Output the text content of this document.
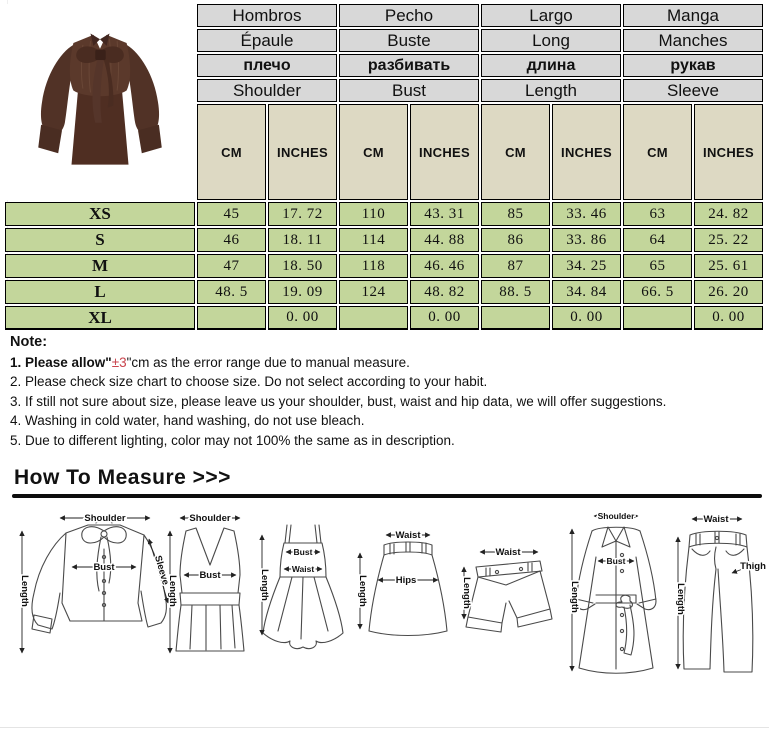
	Hombros		Pecho		Largo		Manga	
	Épaule		Buste		Long		Manches	
	плечо		разбивать		длина		рукав	
	Shoulder		Bust		Length		Sleeve	
	CM	INCHES	CM	INCHES	CM	INCHES	CM	INCHES
XS	45	17. 72	110	43. 31	85	33. 46	63	24. 82
S	46	18. 11	114	44. 88	86	33. 86	64	25. 22
M	47	18. 50	118	46. 46	87	34. 25	65	25. 61
L	48. 5	19. 09	124	48. 82	88. 5	34. 84	66. 5	26. 20
XL		0. 00		0. 00		0. 00		0. 00
Note:
1. Please allow"±3"cm as the error range due to manual measure.
2. Please check size chart to choose size. Do not select according to your habit.
3. If still not sure about size, please leave us your shoulder, bust, waist and hip data, we will offer suggestions.
4. Washing in cold water, hand washing, do not use bleach.
5. Due to different lighting, color may not 100% the same as in description.
How To Measure >>>
Shoulder
Length
Bust	Sleeve
Shoulder
Length Bust	Length
Bust
Waist
Waist
Hips
Length
Waist
Length
Shoulder
Length
Bust
Waist
Length
Thigh
